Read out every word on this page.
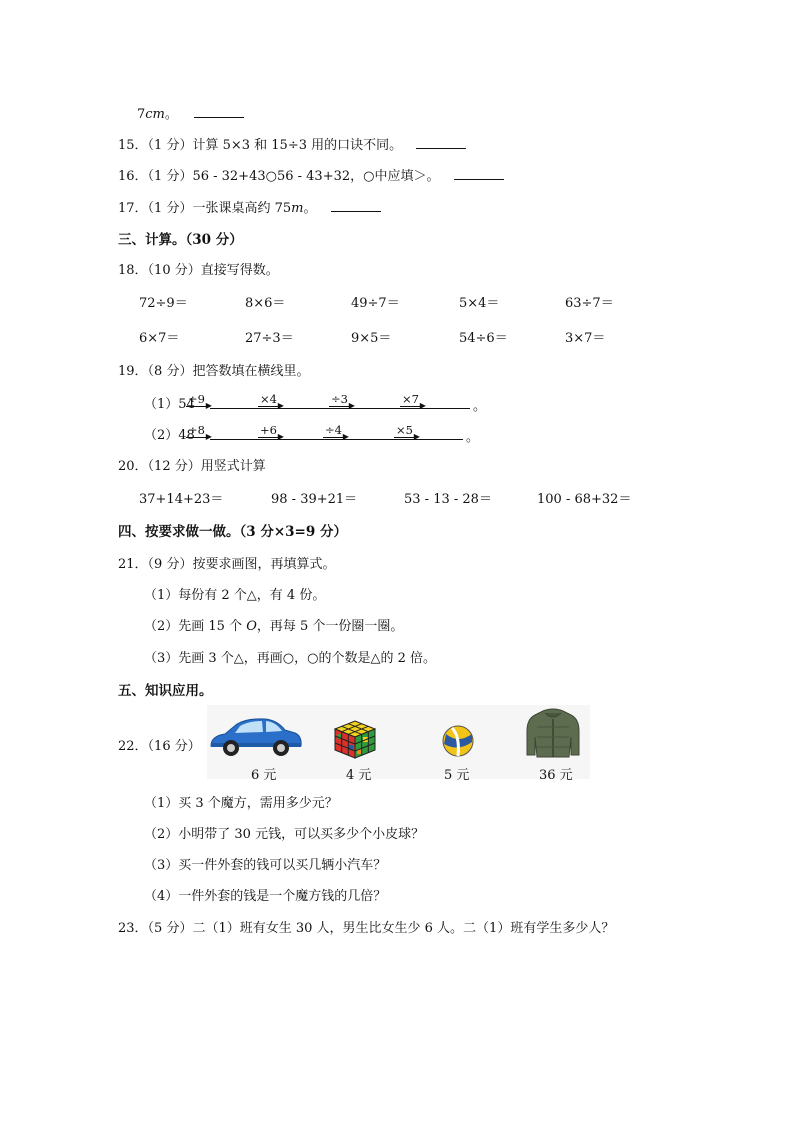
7cm。
15．（1 分）计算 5×3 和 15÷3 用的口诀不同。
16．（1 分）56 - 32+43○56 - 43+32，○中应填＞。
17．（1 分）一张课桌高约 75m。
三、计算。（30 分）
18．（10 分）直接写得数。
72÷9＝	8×6＝	49÷7＝	5×4＝	63÷7＝
6×7＝	27÷3＝	9×5＝	54÷6＝	3×7＝
19．（8 分）把答数填在横线里。
（1）54
÷9 ▶	×4 ▶	÷3 ▶	×7 ▶	。
（2）48
÷8 ▶	+6 ▶	÷4 ▶	×5 ▶	。
20．（12 分）用竖式计算
37+14+23＝	98 - 39+21＝	53 - 13 - 28＝	100 - 68+32＝
四、按要求做一做。（3 分×3=9 分）
21．（9 分）按要求画图，再填算式。
（1）每份有 2 个△，有 4 份。
（2）先画 15 个 O，再每 5 个一份圈一圈。
（3）先画 3 个△，再画○，○的个数是△的 2 倍。
五、知识应用。
22．（16 分）
6 元	4 元	5 元	36 元
（1）买 3 个魔方，需用多少元？
（2）小明带了 30 元钱，可以买多少个小皮球？
（3）买一件外套的钱可以买几辆小汽车？
（4）一件外套的钱是一个魔方钱的几倍？
23．（5 分）二（1）班有女生 30 人，男生比女生少 6 人。二（1）班有学生多少人？
